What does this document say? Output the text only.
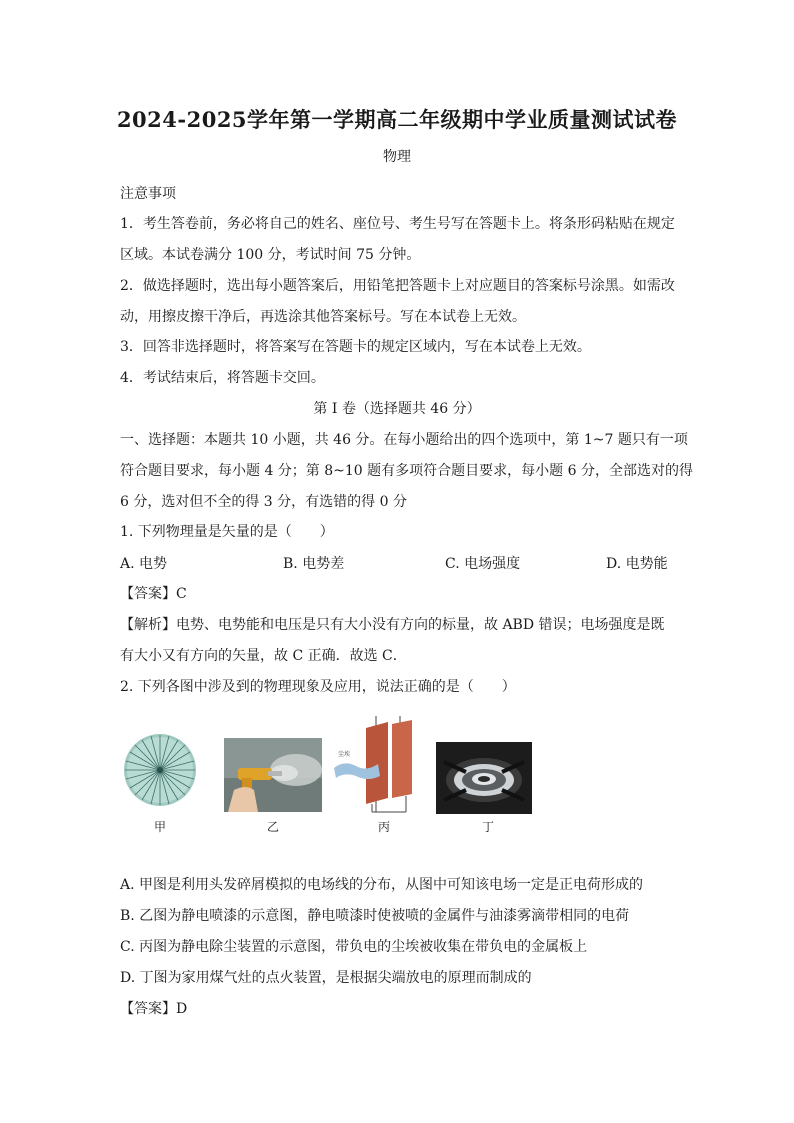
2024-2025学年第一学期高二年级期中学业质量测试试卷
物理
注意事项
1．考生答卷前，务必将自己的姓名、座位号、考生号写在答题卡上。将条形码粘贴在规定
区域。本试卷满分 100 分，考试时间 75 分钟。
2．做选择题时，选出每小题答案后，用铅笔把答题卡上对应题目的答案标号涂黑。如需改
动，用擦皮擦干净后，再选涂其他答案标号。写在本试卷上无效。
3．回答非选择题时，将答案写在答题卡的规定区域内，写在本试卷上无效。
4．考试结束后，将答题卡交回。
第 I 卷（选择题共 46 分）
一、选择题：本题共 10 小题，共 46 分。在每小题给出的四个选项中，第 1~7 题只有一项
符合题目要求，每小题 4 分；第 8~10 题有多项符合题目要求，每小题 6 分，全部选对的得
6 分，选对但不全的得 3 分，有选错的得 0 分
1. 下列物理量是矢量的是（　　）
A. 电势	B. 电势差	C. 电场强度	D. 电势能
【答案】C
【解析】电势、电势能和电压是只有大小没有方向的标量，故 ABD 错误；电场强度是既
有大小又有方向的矢量，故 C 正确．故选 C．
2. 下列各图中涉及到的物理现象及应用，说法正确的是（　　）
甲	乙
尘埃
丙	丁
A. 甲图是利用头发碎屑模拟的电场线的分布，从图中可知该电场一定是正电荷形成的
B. 乙图为静电喷漆的示意图，静电喷漆时使被喷的金属件与油漆雾滴带相同的电荷
C. 丙图为静电除尘装置的示意图，带负电的尘埃被收集在带负电的金属板上
D. 丁图为家用煤气灶的点火装置，是根据尖端放电的原理而制成的
【答案】D
